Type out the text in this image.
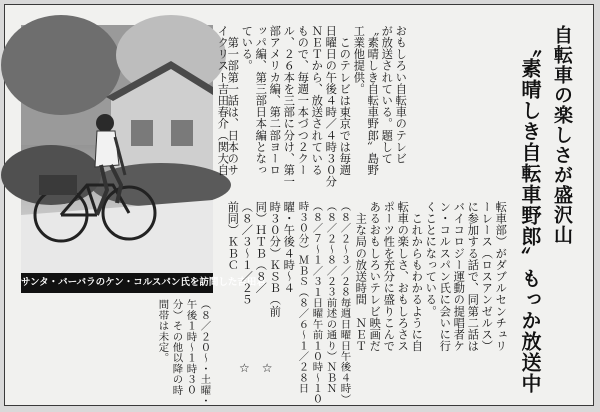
サンタ・バーバラのケン・コルスパン氏を訪問した吉田君
自転車の楽しさが盛沢山
〝素晴しき自転車野郎〟もっか放送中
おもしろい自転車のテレビ
が放送されている。題して
〝素晴しき自転車野郎〟島野
工業他提供。
　このテレビは東京では毎週
日曜日の午後４時／４時３０分
ＮＥＴから、放送されている
もので、毎週一本づつ２クー
ル、２６本を三部に分け、第一
部アメリカ編、第二部ヨーロ
ッパ編、第三部日本編となっ
ている。
　第一部第一話は、日本のサ
イクリスト吉田春介（関大自
転車部）がダブルセンチュリ
ーレース（ロスアンゼルス）
に参加する話で、同第二話は
バイコロジー運動の提唱者ケ
ン・コルスパン氏に会いに行
くことになっている。
　これからもわかるように自
転車の楽しさ、おもしろさス
ポーツ性を充分に盛りこんで
あるおもしろいテレビ映画だ
　主な局の放送時間　ＮＥＴ
（８／２～３／２８毎週日曜日午後４時）
（８／２～８／２３前述の通り）ＮＢＮ
（８／７～１／３１日曜午前１０時～１０
時３０分）ＭＢＳ（８／６～１／２８日
曜・午後４時～４
時３０分）ＫＳＢ（前
同）ＨＴＢ（８／
（８／３～１／２５
前同）ＫＢＣ
（８／２０～・土曜・
午後１時～１時３０
分）その他以降の時
間帯は未定。
☆　☆
